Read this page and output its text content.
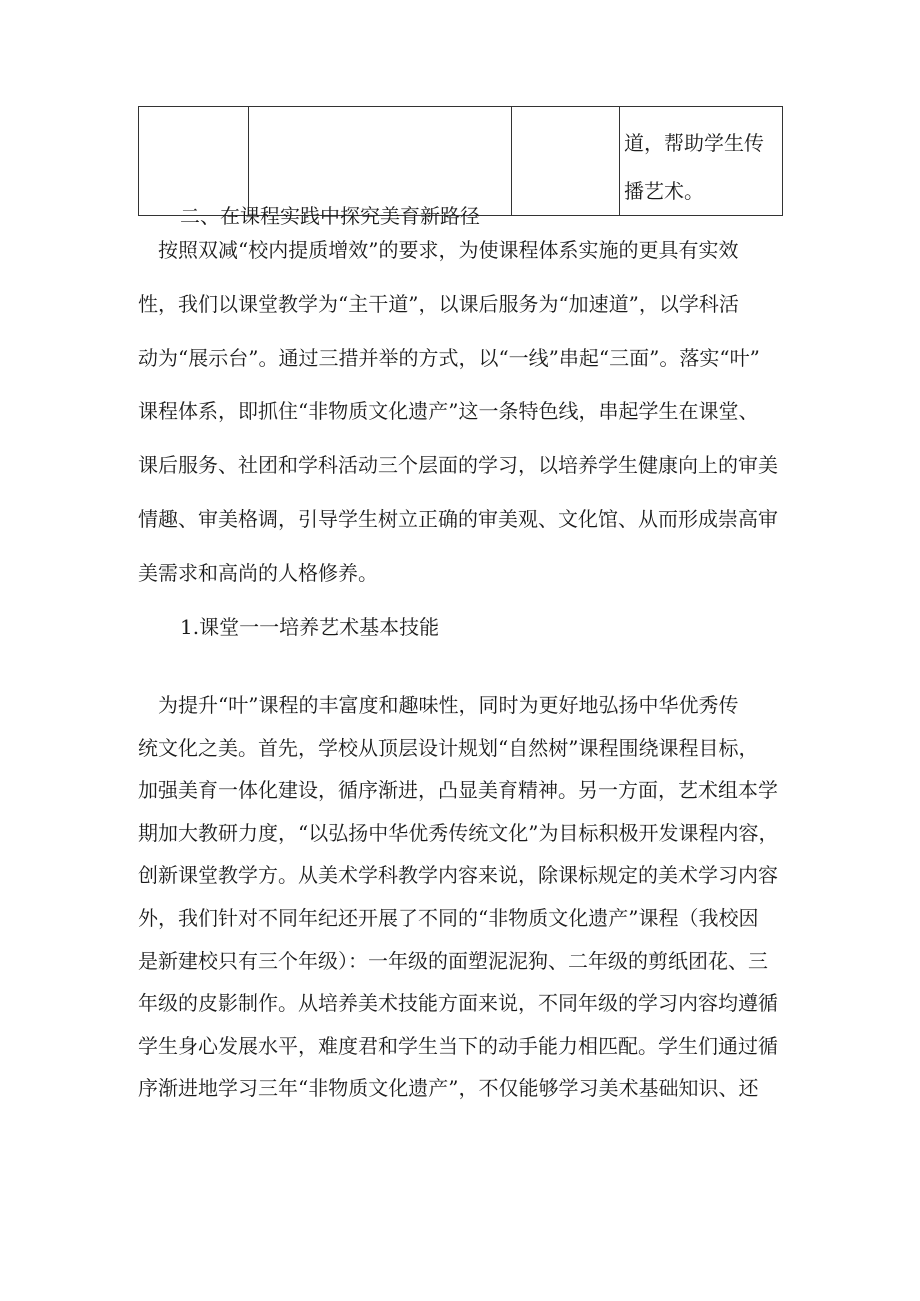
道，帮助学生传
播艺术。
二、在课程实践中探究美育新路径
　按照双减“校内提质增效”的要求，为使课程体系实施的更具有实效
性，我们以课堂教学为“主干道”，以课后服务为“加速道”，以学科活
动为“展示台”。通过三措并举的方式，以“一线”串起“三面”。落实“叶”
课程体系，即抓住“非物质文化遗产”这一条特色线，串起学生在课堂、
课后服务、社团和学科活动三个层面的学习，以培养学生健康向上的审美
情趣、审美格调，引导学生树立正确的审美观、文化馆、从而形成崇高审
美需求和高尚的人格修养。
1.课堂一一培养艺术基本技能
　为提升“叶”课程的丰富度和趣味性，同时为更好地弘扬中华优秀传
统文化之美。首先，学校从顶层设计规划“自然树”课程围绕课程目标，
加强美育一体化建设，循序渐进，凸显美育精神。另一方面，艺术组本学
期加大教研力度，“以弘扬中华优秀传统文化”为目标积极开发课程内容，
创新课堂教学方。从美术学科教学内容来说，除课标规定的美术学习内容
外，我们针对不同年纪还开展了不同的“非物质文化遗产”课程（我校因
是新建校只有三个年级）：一年级的面塑泥泥狗、二年级的剪纸团花、三
年级的皮影制作。从培养美术技能方面来说，不同年级的学习内容均遵循
学生身心发展水平，难度君和学生当下的动手能力相匹配。学生们通过循
序渐进地学习三年“非物质文化遗产”，不仅能够学习美术基础知识、还
